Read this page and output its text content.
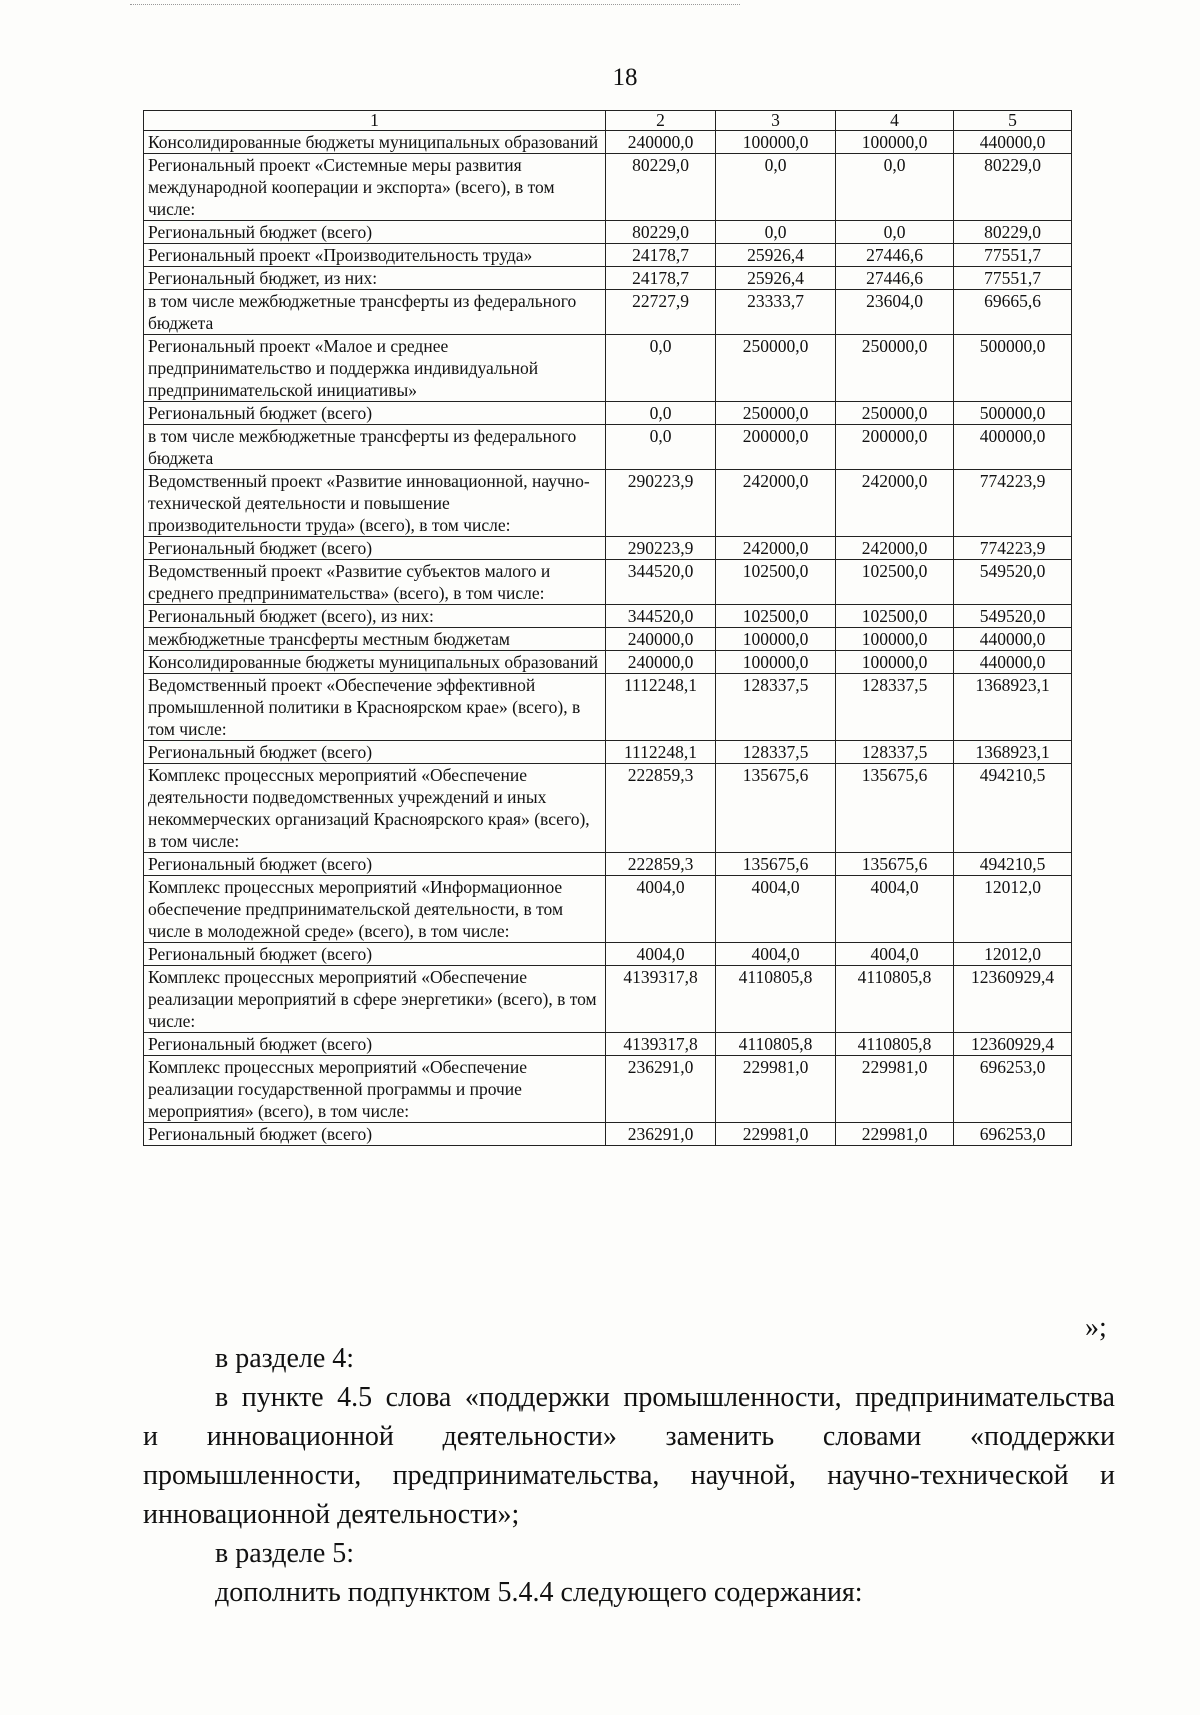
18
1	2	3	4	5
Консолидированные бюджеты муниципальных образований	240000,0	100000,0	100000,0	440000,0
Региональный проект «Системные меры развития международной кооперации и экспорта» (всего), в том числе:	80229,0	0,0	0,0	80229,0
Региональный бюджет (всего)	80229,0	0,0	0,0	80229,0
Региональный проект «Производительность труда»	24178,7	25926,4	27446,6	77551,7
Региональный бюджет, из них:	24178,7	25926,4	27446,6	77551,7
в том числе межбюджетные трансферты из федерального бюджета	22727,9	23333,7	23604,0	69665,6
Региональный проект «Малое и среднее предпринимательство и поддержка индивидуальной предпринимательской инициативы»	0,0	250000,0	250000,0	500000,0
Региональный бюджет (всего)	0,0	250000,0	250000,0	500000,0
в том числе межбюджетные трансферты из федерального бюджета	0,0	200000,0	200000,0	400000,0
Ведомственный проект «Развитие инновационной, научно-технической деятельности и повышение производительности труда» (всего), в том числе:	290223,9	242000,0	242000,0	774223,9
Региональный бюджет (всего)	290223,9	242000,0	242000,0	774223,9
Ведомственный проект «Развитие субъектов малого и среднего предпринимательства» (всего), в том числе:	344520,0	102500,0	102500,0	549520,0
Региональный бюджет (всего), из них:	344520,0	102500,0	102500,0	549520,0
межбюджетные трансферты местным бюджетам	240000,0	100000,0	100000,0	440000,0
Консолидированные бюджеты муниципальных образований	240000,0	100000,0	100000,0	440000,0
Ведомственный проект «Обеспечение эффективной промышленной политики в Красноярском крае» (всего), в том числе:	1112248,1	128337,5	128337,5	1368923,1
Региональный бюджет (всего)	1112248,1	128337,5	128337,5	1368923,1
Комплекс процессных мероприятий «Обеспечение деятельности подведомственных учреждений и иных некоммерческих организаций Красноярского края» (всего), в том числе:	222859,3	135675,6	135675,6	494210,5
Региональный бюджет (всего)	222859,3	135675,6	135675,6	494210,5
Комплекс процессных мероприятий «Информационное обеспечение предпринимательской деятельности, в том числе в молодежной среде» (всего), в том числе:	4004,0	4004,0	4004,0	12012,0
Региональный бюджет (всего)	4004,0	4004,0	4004,0	12012,0
Комплекс процессных мероприятий «Обеспечение реализации мероприятий в сфере энергетики» (всего), в том числе:	4139317,8	4110805,8	4110805,8	12360929,4
Региональный бюджет (всего)	4139317,8	4110805,8	4110805,8	12360929,4
Комплекс процессных мероприятий «Обеспечение реализации государственной программы и прочие мероприятия» (всего), в том числе:	236291,0	229981,0	229981,0	696253,0
Региональный бюджет (всего)	236291,0	229981,0	229981,0	696253,0
»;

в разделе 4:

в пункте 4.5 слова «поддержки промышленности, предпринимательства

и инновационной деятельности» заменить словами «поддержки

промышленности, предпринимательства, научной, научно-технической и

инновационной деятельности»;

в разделе 5:

дополнить подпунктом 5.4.4 следующего содержания:
